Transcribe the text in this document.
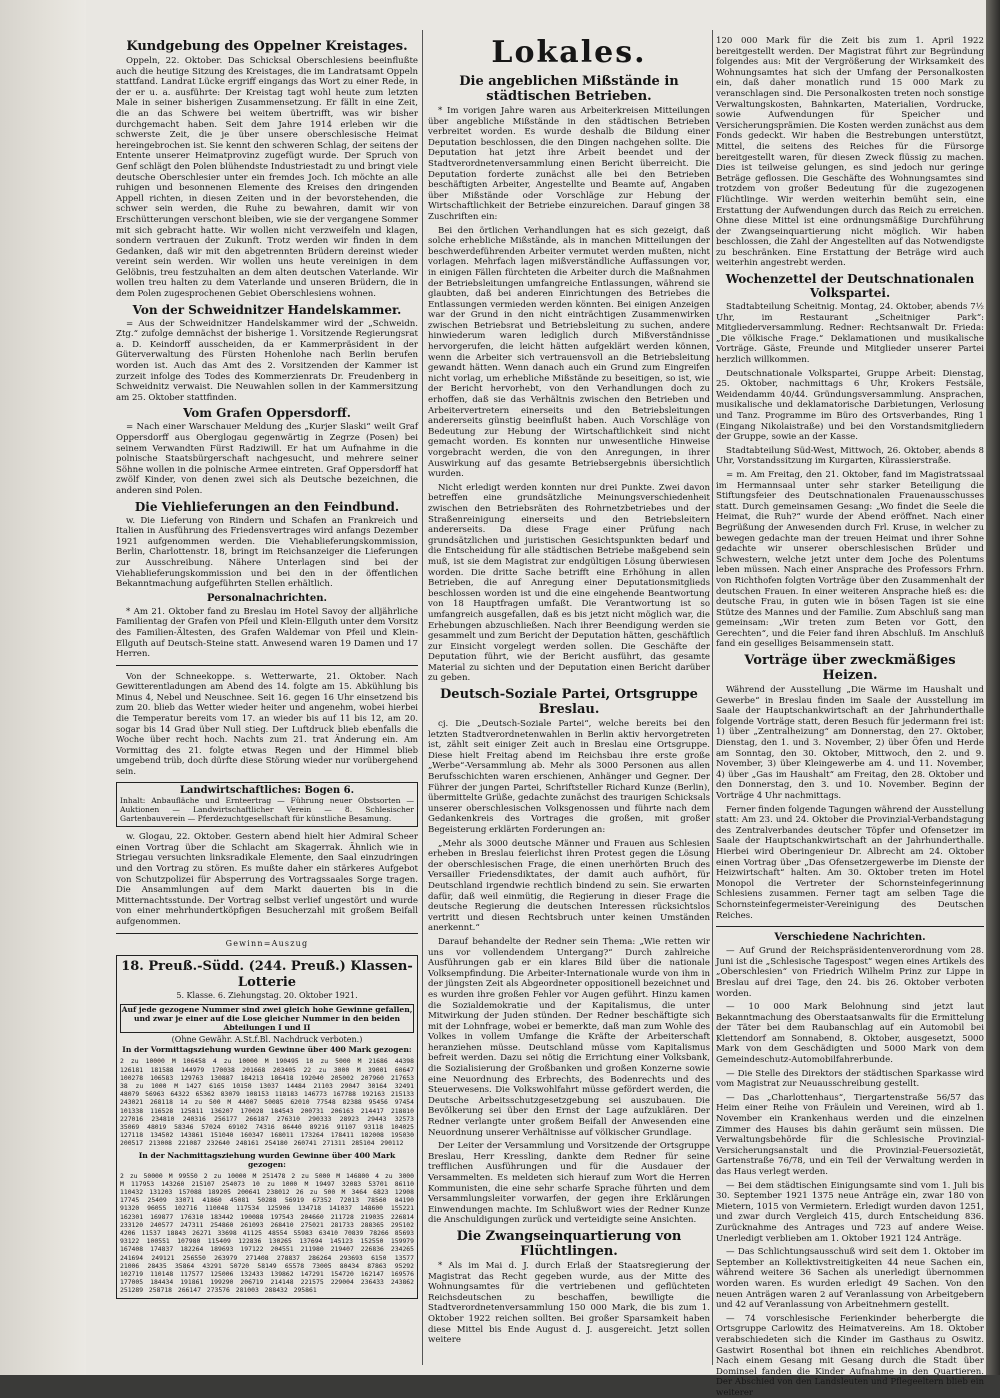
Kundgebung des Oppelner Kreistages.

Oppeln, 22. Oktober. Das Schicksal Oberschlesiens beeinflußte auch die heutige Sitzung des Kreistages, die im Landratsamt Oppeln stattfand. Landrat Lücke ergriff eingangs das Wort zu einer Rede, in der er u. a. ausführte: Der Kreistag tagt wohl heute zum letzten Male in seiner bisherigen Zusammensetzung. Er fällt in eine Zeit, die an das Schwere bei weitem übertrifft, was wir bisher durchgemacht haben. Seit dem Jahre 1914 erleben wir die schwerste Zeit, die je über unsere oberschlesische Heimat hereingebrochen ist. Sie kennt den schweren Schlag, der seitens der Entente unserer Heimatprovinz zugefügt wurde. Der Spruch von Genf schlägt den Polen blühendste Industriestadt zu und bringt viele deutsche Oberschlesier unter ein fremdes Joch. Ich möchte an alle ruhigen und besonnenen Elemente des Kreises den dringenden Appell richten, in diesen Zeiten und in der bevorstehenden, die schwer sein werden, die Ruhe zu bewahren, damit wir von Erschütterungen verschont bleiben, wie sie der vergangene Sommer mit sich gebracht hatte. Wir wollen nicht verzweifeln und klagen, sondern vertrauen der Zukunft. Trotz werden wir finden in dem Gedanken, daß wir mit den abgetrennten Brüdern dereinst wieder vereint sein werden. Wir wollen uns heute vereinigen in dem Gelöbnis, treu festzuhalten an dem alten deutschen Vaterlande. Wir wollen treu halten zu dem Vaterlande und unseren Brüdern, die in dem Polen zugesprochenen Gebiet Oberschlesiens wohnen.

Von der Schweidnitzer Handelskammer.

= Aus der Schweidnitzer Handelskammer wird der „Schweidn. Ztg.“ zufolge demnächst der bisherige 1. Vorsitzende Regierungsrat a. D. Keindorff ausscheiden, da er Kammerpräsident in der Güterverwaltung des Fürsten Hohenlohe nach Berlin berufen worden ist. Auch das Amt des 2. Vorsitzenden der Kammer ist zurzeit infolge des Todes des Kommerzienrats Dr. Freudenberg in Schweidnitz verwaist. Die Neuwahlen sollen in der Kammersitzung am 25. Oktober stattfinden.

Vom Grafen Oppersdorff.

= Nach einer Warschauer Meldung des „Kurjer Slaski“ weilt Graf Oppersdorff aus Oberglogau gegenwärtig in Zegrze (Posen) bei seinem Verwandten Fürst Radziwill. Er hat um Aufnahme in die polnische Staatsbürgerschaft nachgesucht, und mehrere seiner Söhne wollen in die polnische Armee eintreten. Graf Oppersdorff hat zwölf Kinder, von denen zwei sich als Deutsche bezeichnen, die anderen sind Polen.

Die Viehlieferungen an den Feindbund.

w. Die Lieferung von Rindern und Schafen an Frankreich und Italien in Ausführung des Friedensvertrages wird anfangs Dezember 1921 aufgenommen werden. Die Viehablieferungskommission, Berlin, Charlottenstr. 18, bringt im Reichsanzeiger die Lieferungen zur Ausschreibung. Nähere Unterlagen sind bei der Viehablieferungskommission und bei den in der öffentlichen Bekanntmachung aufgeführten Stellen erhältlich.

Personalnachrichten.

* Am 21. Oktober fand zu Breslau im Hotel Savoy der alljährliche Familientag der Grafen von Pfeil und Klein-Ellguth unter dem Vorsitz des Familien-Ältesten, des Grafen Waldemar von Pfeil und Klein-Ellguth auf Deutsch-Steine statt. Anwesend waren 19 Damen und 17 Herren.

Von der Schneekoppe. s. Wetterwarte, 21. Oktober. Nach Gewitterentladungen am Abend des 14. folgte am 15. Abkühlung bis Minus 4, Nebel und Neuschnee. Seit 16. gegen 16 Uhr einsetzend bis zum 20. blieb das Wetter wieder heiter und angenehm, wobei hierbei die Temperatur bereits vom 17. an wieder bis auf 11 bis 12, am 20. sogar bis 14 Grad über Null stieg. Der Luftdruck blieb ebenfalls die Woche über recht hoch. Nachts zum 21. trat Änderung ein. Am Vormittag des 21. folgte etwas Regen und der Himmel blieb umgebend trüb, doch dürfte diese Störung wieder nur vorübergehend sein.

Landwirtschaftliches: Bogen 6.
Inhalt: Anbaufläche und Ernteertrag — Führung neuer Obstsorten — Auktionen — Landwirtschaftlicher Verein — 8. Schlesischer Gartenbauverein — Pferdezuchtgesellschaft für künstliche Besamung.

w. Glogau, 22. Oktober. Gestern abend hielt hier Admiral Scheer einen Vortrag über die Schlacht am Skagerrak. Ähnlich wie in Striegau versuchten linksradikale Elemente, den Saal einzudringen und den Vortrag zu stören. Es mußte daher ein stärkeres Aufgebot von Schutzpolizei für Absperrung des Vortragssaales Sorge tragen. Die Ansammlungen auf dem Markt dauerten bis in die Mitternachtsstunde. Der Vortrag selbst verlief ungestört und wurde von einer mehrhundertköpfigen Besucherzahl mit großem Beifall aufgenommen.

Gewinn=Auszug
18. Preuß.-Südd. (244. Preuß.) Klassen-Lotterie
5. Klasse. 6. Ziehungstag. 20. Oktober 1921.
Auf jede gezogene Nummer sind zwei gleich hohe Gewinne gefallen, und zwar je einer auf die Lose gleicher Nummer in den beiden Abteilungen I und II
(Ohne Gewähr. A.St.f.Bl. Nachdruck verboten.)
In der Vormittagsziehung wurden Gewinne über 400 Mark gezogen:
2 zu 10000 M 106458 4 zu 10000 M 190495 10 zu 5000 M 21686 44398 126181 181588 144979 170038 201668 203405 22 zu 3000 M 39001 60647 100278 106583 129763 130887 184213 186418 192040 205002 207960 217653 38 zu 1000 M 1427 6165 10150 13037 14484 21103 29047 30164 32491 48079 56963 64322 65362 83079 108153 118183 146773 167788 192163 215133 243021 268118 14 zu 500 M 44007 50085 62010 77548 82388 95456 97454 101338 116528 125811 136207 170028 184543 200731 206163 214417 218810 227016 234810 240316 256177 266187 276310 290333 28923 29443 32573 35069 48019 58346 57024 69102 74316 86440 89216 91107 93118 104025 127118 134502 143861 151040 160347 168011 173264 178411 182008 195030 200517 213008 221087 232640 248161 254180 260741 271311 285104 290112
In der Nachmittagsziehung wurden Gewinne über 400 Mark gezogen:
2 zu 50000 M 99550 2 zu 10000 M 251478 2 zu 5000 M 146800 4 zu 3000 M 117953 143260 215107 254073 10 zu 1000 M 19497 32083 53701 86110 110432 131203 157088 189205 200641 238012 26 zu 500 M 3464 6823 12908 17745 25409 33071 41860 45081 50288 56919 67352 72013 78560 84190 91320 96055 102716 110048 117534 125906 134718 141037 148600 155221 162301 169877 176310 183442 190088 197543 204660 211728 219035 226814 233120 240577 247311 254860 261093 268410 275021 281733 288365 295102 4206 11537 18843 26271 33698 41125 48554 55983 63410 70839 78266 85693 93122 100551 107980 115409 122836 130265 137694 145123 152550 159979 167408 174837 182264 189693 197122 204551 211980 219407 226836 234265 241694 249121 256550 263979 271408 278837 286264 293693 6150 13577 21006 28435 35864 43291 50720 58149 65578 73005 80434 87863 95292 102719 110148 117577 125006 132433 139862 147291 154720 162147 169576 177005 184434 191861 199290 206719 214148 221575 229004 236433 243862 251289 258718 266147 273576 281003 288432 295861
Lokales.
Die angeblichen Mißstände in städtischen Betrieben.

* Im vorigen Jahre waren aus Arbeiterkreisen Mitteilungen über angebliche Mißstände in den städtischen Betrieben verbreitet worden. Es wurde deshalb die Bildung einer Deputation beschlossen, die den Dingen nachgehen sollte. Die Deputation hat jetzt ihre Arbeit beendet und der Stadtverordnetenversammlung einen Bericht überreicht. Die Deputation forderte zunächst alle bei den Betrieben beschäftigten Arbeiter, Angestellte und Beamte auf, Angaben über Mißstände oder Vorschläge zur Hebung der Wirtschaftlichkeit der Betriebe einzureichen. Darauf gingen 38 Zuschriften ein:

Bei den örtlichen Verhandlungen hat es sich gezeigt, daß solche erhebliche Mißstände, als in manchen Mitteilungen der beschwerdeführenden Arbeiter vermutet werden mußten, nicht vorlagen. Mehrfach lagen mißverständliche Auffassungen vor, in einigen Fällen fürchteten die Arbeiter durch die Maßnahmen der Betriebsleitungen umfangreiche Entlassungen, während sie glaubten, daß bei anderen Einrichtungen des Betriebes die Entlassungen vermieden werden könnten. Bei einigen Anzeigen war der Grund in den nicht einträchtigen Zusammenwirken zwischen Betriebsrat und Betriebsleitung zu suchen, andere hinwiederum waren lediglich durch Mißverständnisse hervorgerufen, die leicht hätten aufgeklärt werden können, wenn die Arbeiter sich vertrauensvoll an die Betriebsleitung gewandt hätten. Wenn danach auch ein Grund zum Eingreifen nicht vorlag, um erhebliche Mißstände zu beseitigen, so ist, wie der Bericht hervorhebt, von den Verhandlungen doch zu erhoffen, daß sie das Verhältnis zwischen den Betrieben und Arbeitervertretern einerseits und den Betriebsleitungen andererseits günstig beeinflußt haben. Auch Vorschläge von Bedeutung zur Hebung der Wirtschaftlichkeit sind nicht gemacht worden. Es konnten nur unwesentliche Hinweise vorgebracht werden, die von den Anregungen, in ihrer Auswirkung auf das gesamte Betriebsergebnis übersichtlich wurden.

Nicht erledigt werden konnten nur drei Punkte. Zwei davon betreffen eine grundsätzliche Meinungsverschiedenheit zwischen den Betriebsräten des Rohrnetzbetriebes und der Straßenreinigung einerseits und den Betriebsleitern andererseits. Da diese Frage einer Prüfung nach grundsätzlichen und juristischen Gesichtspunkten bedarf und die Entscheidung für alle städtischen Betriebe maßgebend sein muß, ist sie dem Magistrat zur endgültigen Lösung überwiesen worden. Die dritte Sache betrifft eine Erhöhung in allen Betrieben, die auf Anregung einer Deputationsmitglieds beschlossen worden ist und die eine eingehende Beantwortung von 18 Hauptfragen umfaßt. Die Verantwortung ist so umfangreich ausgefallen, daß es bis jetzt nicht möglich war, die Erhebungen abzuschließen. Nach ihrer Beendigung werden sie gesammelt und zum Bericht der Deputation hätten, geschäftlich zur Einsicht vorgelegt werden sollen. Die Geschäfte der Deputation führt, wie der Bericht ausführt, das gesamte Material zu sichten und der Deputation einen Bericht darüber zu geben.

Deutsch-Soziale Partei, Ortsgruppe Breslau.

cj. Die „Deutsch-Soziale Partei“, welche bereits bei den letzten Stadtverordnetenwahlen in Berlin aktiv hervorgetreten ist, zählt seit einiger Zeit auch in Breslau eine Ortsgruppe. Diese hielt Freitag abend im Reichsbau ihre erste große „Werbe“-Versammlung ab. Mehr als 3000 Personen aus allen Berufsschichten waren erschienen, Anhänger und Gegner. Der Führer der jungen Partei, Schriftsteller Richard Kunze (Berlin), übermittelte Grüße, gedachte zunächst des traurigen Schicksals unserer oberschlesischen Volksgenossen und führte nach dem Gedankenkreis des Vortrages die großen, mit großer Begeisterung erklärten Forderungen an:

„Mehr als 3000 deutsche Männer und Frauen aus Schlesien erheben in Breslau feierlichst ihren Protest gegen die Lösung der oberschlesischen Frage, die einen unerhörten Bruch des Versailler Friedensdiktates, der damit auch aufhört, für Deutschland irgendwie rechtlich bindend zu sein. Sie erwarten dafür, daß weil einmütig, die Regierung in dieser Frage die deutsche Regierung die deutschen Interessen rücksichtslos vertritt und diesen Rechtsbruch unter keinen Umständen anerkennt.“

Darauf behandelte der Redner sein Thema: „Wie retten wir uns vor vollendendem Untergang?“ Durch zahlreiche Ausführungen gab er ein klares Bild über die nationale Volksempfindung. Die Arbeiter-Internationale wurde von ihm in der jüngsten Zeit als Abgeordneter oppositionell bezeichnet und es wurden ihre großen Fehler vor Augen geführt. Hinzu kamen die Sozialdemokratie und der Kapitalismus, die unter Mitwirkung der Juden stünden. Der Redner beschäftigte sich mit der Lohnfrage, wobei er bemerkte, daß man zum Wohle des Volkes in vollem Umfange die Kräfte der Arbeiterschaft heranziehen müsse. Deutschland müsse vom Kapitalismus befreit werden. Dazu sei nötig die Errichtung einer Volksbank, die Sozialisierung der Großbanken und großen Konzerne sowie eine Neuordnung des Erbrechts, des Bodenrechts und des Steuerwesens. Die Volkswohlfahrt müsse gefördert werden, die Deutsche Arbeitsschutzgesetzgebung sei auszubauen. Die Bevölkerung sei über den Ernst der Lage aufzuklären. Der Redner verlangte unter großem Beifall der Anwesenden eine Neuordnung unserer Verhältnisse auf völkischer Grundlage.

Der Leiter der Versammlung und Vorsitzende der Ortsgruppe Breslau, Herr Kressling, dankte dem Redner für seine trefflichen Ausführungen und für die Ausdauer der Versammelten. Es meldeten sich hierauf zum Wort die Herren Kommunisten, die eine sehr scharfe Sprache führten und dem Versammlungsleiter vorwarfen, der gegen ihre Erklärungen Einwendungen machte. Im Schlußwort wies der Redner Kunze die Anschuldigungen zurück und verteidigte seine Ansichten.

Die Zwangseinquartierung von Flüchtlingen.

* Als im Mai d. J. durch Erlaß der Staatsregierung der Magistrat das Recht gegeben wurde, aus der Mitte des Wohnungsamtes für die vertriebenen und geflüchteten Reichsdeutschen zu beschaffen, bewilligte die Stadtverordnetenversammlung 150 000 Mark, die bis zum 1. Oktober 1922 reichen sollten. Bei großer Sparsamkeit haben diese Mittel bis Ende August d. J. ausgereicht. Jetzt sollen weitere

120 000 Mark für die Zeit bis zum 1. April 1922 bereitgestellt werden. Der Magistrat führt zur Begründung folgendes aus: Mit der Vergrößerung der Wirksamkeit des Wohnungsamtes hat sich der Umfang der Personalkosten ein, daß daher monatlich rund 15 000 Mark zu veranschlagen sind. Die Personalkosten treten noch sonstige Verwaltungskosten, Bahnkarten, Materialien, Vordrucke, sowie Aufwendungen für Speicher und Versicherungsprämien. Die Kosten werden zunächst aus dem Fonds gedeckt. Wir haben die Bestrebungen unterstützt, Mittel, die seitens des Reiches für die Fürsorge bereitgestellt waren, für diesen Zweck flüssig zu machen. Dies ist teilweise gelungen, es sind jedoch nur geringe Beträge geflossen. Die Geschäfte des Wohnungsamtes sind trotzdem von großer Bedeutung für die zugezogenen Flüchtlinge. Wir werden weiterhin bemüht sein, eine Erstattung der Aufwendungen durch das Reich zu erreichen. Ohne diese Mittel ist eine ordnungsmäßige Durchführung der Zwangseinquartierung nicht möglich. Wir haben beschlossen, die Zahl der Angestellten auf das Notwendigste zu beschränken. Eine Erstattung der Beträge wird auch weiterhin angestrebt werden.

Wochenzettel der Deutschnationalen Volkspartei.

Stadtabteilung Scheitnig. Montag, 24. Oktober, abends 7½ Uhr, im Restaurant „Scheitniger Park“: Mitgliederversammlung. Redner: Rechtsanwalt Dr. Frieda: „Die völkische Frage.“ Deklamationen und musikalische Vorträge. Gäste, Freunde und Mitglieder unserer Partei herzlich willkommen.

Deutschnationale Volkspartei, Gruppe Arbeit: Dienstag, 25. Oktober, nachmittags 6 Uhr, Krokers Festsäle, Weidendamm 40/44. Gründungsversammlung. Ansprachen, musikalische und deklamatorische Darbietungen, Verlosung und Tanz. Programme im Büro des Ortsverbandes, Ring 1 (Eingang Nikolaistraße) und bei den Vorstandsmitgliedern der Gruppe, sowie an der Kasse.

Stadtabteilung Süd-West, Mittwoch, 26. Oktober, abends 8 Uhr, Vorstandssitzung im Kurgarten, Kürassierstraße.

= m. Am Freitag, den 21. Oktober, fand im Magistratssaal im Hermannsaal unter sehr starker Beteiligung die Stiftungsfeier des Deutschnationalen Frauenausschusses statt. Durch gemeinsamen Gesang: „Wo findet die Seele die Heimat, die Ruh?“ wurde der Abend eröffnet. Nach einer Begrüßung der Anwesenden durch Frl. Kruse, in welcher zu bewegen gedachte man der treuen Heimat und ihrer Sohne gedachte wir unserer oberschlesischen Brüder und Schwestern, welche jetzt unter dem Joche des Polentums leben müssen. Nach einer Ansprache des Professors Frhrn. von Richthofen folgten Vorträge über den Zusammenhalt der deutschen Frauen. In einer weiteren Ansprache hieß es: die deutsche Frau, in guten wie in bösen Tagen ist sie eine Stütze des Mannes und der Familie. Zum Abschluß sang man gemeinsam: „Wir treten zum Beten vor Gott, den Gerechten“, und die Feier fand ihren Abschluß. Im Anschluß fand ein geselliges Beisammensein statt.

Vorträge über zweckmäßiges Heizen.

Während der Ausstellung „Die Wärme im Haushalt und Gewerbe“ in Breslau finden im Saale der Ausstellung im Saale der Hauptschankwirtschaft an der Jahrhunderthalle folgende Vorträge statt, deren Besuch für jedermann frei ist: 1) über „Zentralheizung“ am Donnerstag, den 27. Oktober, Dienstag, den 1. und 3. November, 2) über Öfen und Herde am Sonntag, den 30. Oktober, Mittwoch, den 2. und 9. November, 3) über Kleingewerbe am 4. und 11. November, 4) über „Gas im Haushalt“ am Freitag, den 28. Oktober und den Donnerstag, den 3. und 10. November. Beginn der Vorträge 4 Uhr nachmittags.

Ferner finden folgende Tagungen während der Ausstellung statt: Am 23. und 24. Oktober die Provinzial-Verbandstagung des Zentralverbandes deutscher Töpfer und Ofensetzer im Saale der Hauptschankwirtschaft an der Jahrhunderthalle. Hierbei wird Oberingenieur Dr. Albrecht am 24. Oktober einen Vortrag über „Das Ofensetzergewerbe im Dienste der Heizwirtschaft“ halten. Am 30. Oktober treten im Hotel Monopol die Vertreter der Schornsteinfegerinnung Schlesiens zusammen. Ferner tagt am selben Tage die Schornsteinfegermeister-Vereinigung des Deutschen Reiches.

Verschiedene Nachrichten.

— Auf Grund der Reichspräsidentenverordnung vom 28. Juni ist die „Schlesische Tagespost“ wegen eines Artikels des „Oberschlesien“ von Friedrich Wilhelm Prinz zur Lippe in Breslau auf drei Tage, den 24. bis 26. Oktober verboten worden.

— 10 000 Mark Belohnung sind jetzt laut Bekanntmachung des Oberstaatsanwalts für die Ermittelung der Täter bei dem Raubanschlag auf ein Automobil bei Klettendorf am Sonnabend, 8. Oktober, ausgesetzt, 5000 Mark von dem Geschädigten und 5000 Mark von dem Gemeindeschutz-Automobilfahrerbunde.

— Die Stelle des Direktors der städtischen Sparkasse wird vom Magistrat zur Neuausschreibung gestellt.

— Das „Charlottenhaus“, Tiergartenstraße 56/57 das Heim einer Reihe von Fräulein und Vereinen, wird ab 1. November ein Krankenhaus werden und die einzelnen Zimmer des Hauses bis dahin geräumt sein müssen. Die Verwaltungsbehörde für die Schlesische Provinzial-Versicherungsanstalt und die Provinzial-Feuersozietät, Gartenstraße 76/78, und ein Teil der Verwaltung werden in das Haus verlegt werden.

— Bei dem städtischen Einigungsamte sind vom 1. Juli bis 30. September 1921 1375 neue Anträge ein, zwar 180 von Mietern, 1015 von Vermietern. Erledigt wurden davon 1251, und zwar durch Vergleich 415, durch Entscheidung 836. Zurücknahme des Antrages und 723 auf andere Weise. Unerledigt verblieben am 1. Oktober 1921 124 Anträge.

— Das Schlichtungsausschuß wird seit dem 1. Oktober im September an Kollektivstreitigkeiten 44 neue Sachen ein, während weitere 36 Sachen als unerledigt übernommen worden waren. Es wurden erledigt 49 Sachen. Von den neuen Anträgen waren 2 auf Veranlassung von Arbeitgebern und 42 auf Veranlassung von Arbeitnehmern gestellt.

— 74 vorschlesische Ferienkinder beherbergte die Ortsgruppe Carlowitz des Heimatvereins. Am 18. Oktober verabschiedeten sich die Kinder im Gasthaus zu Oswitz. Gastwirt Rosenthal bot ihnen ein reichliches Abendbrot. Nach einem Gesang mit Gesang durch die Stadt über Dominsel fanden die Kinder Aufnahme in den Quartieren. Der Abschied von den Landsleuten und Pflegeeltern blieb ein weiterer
